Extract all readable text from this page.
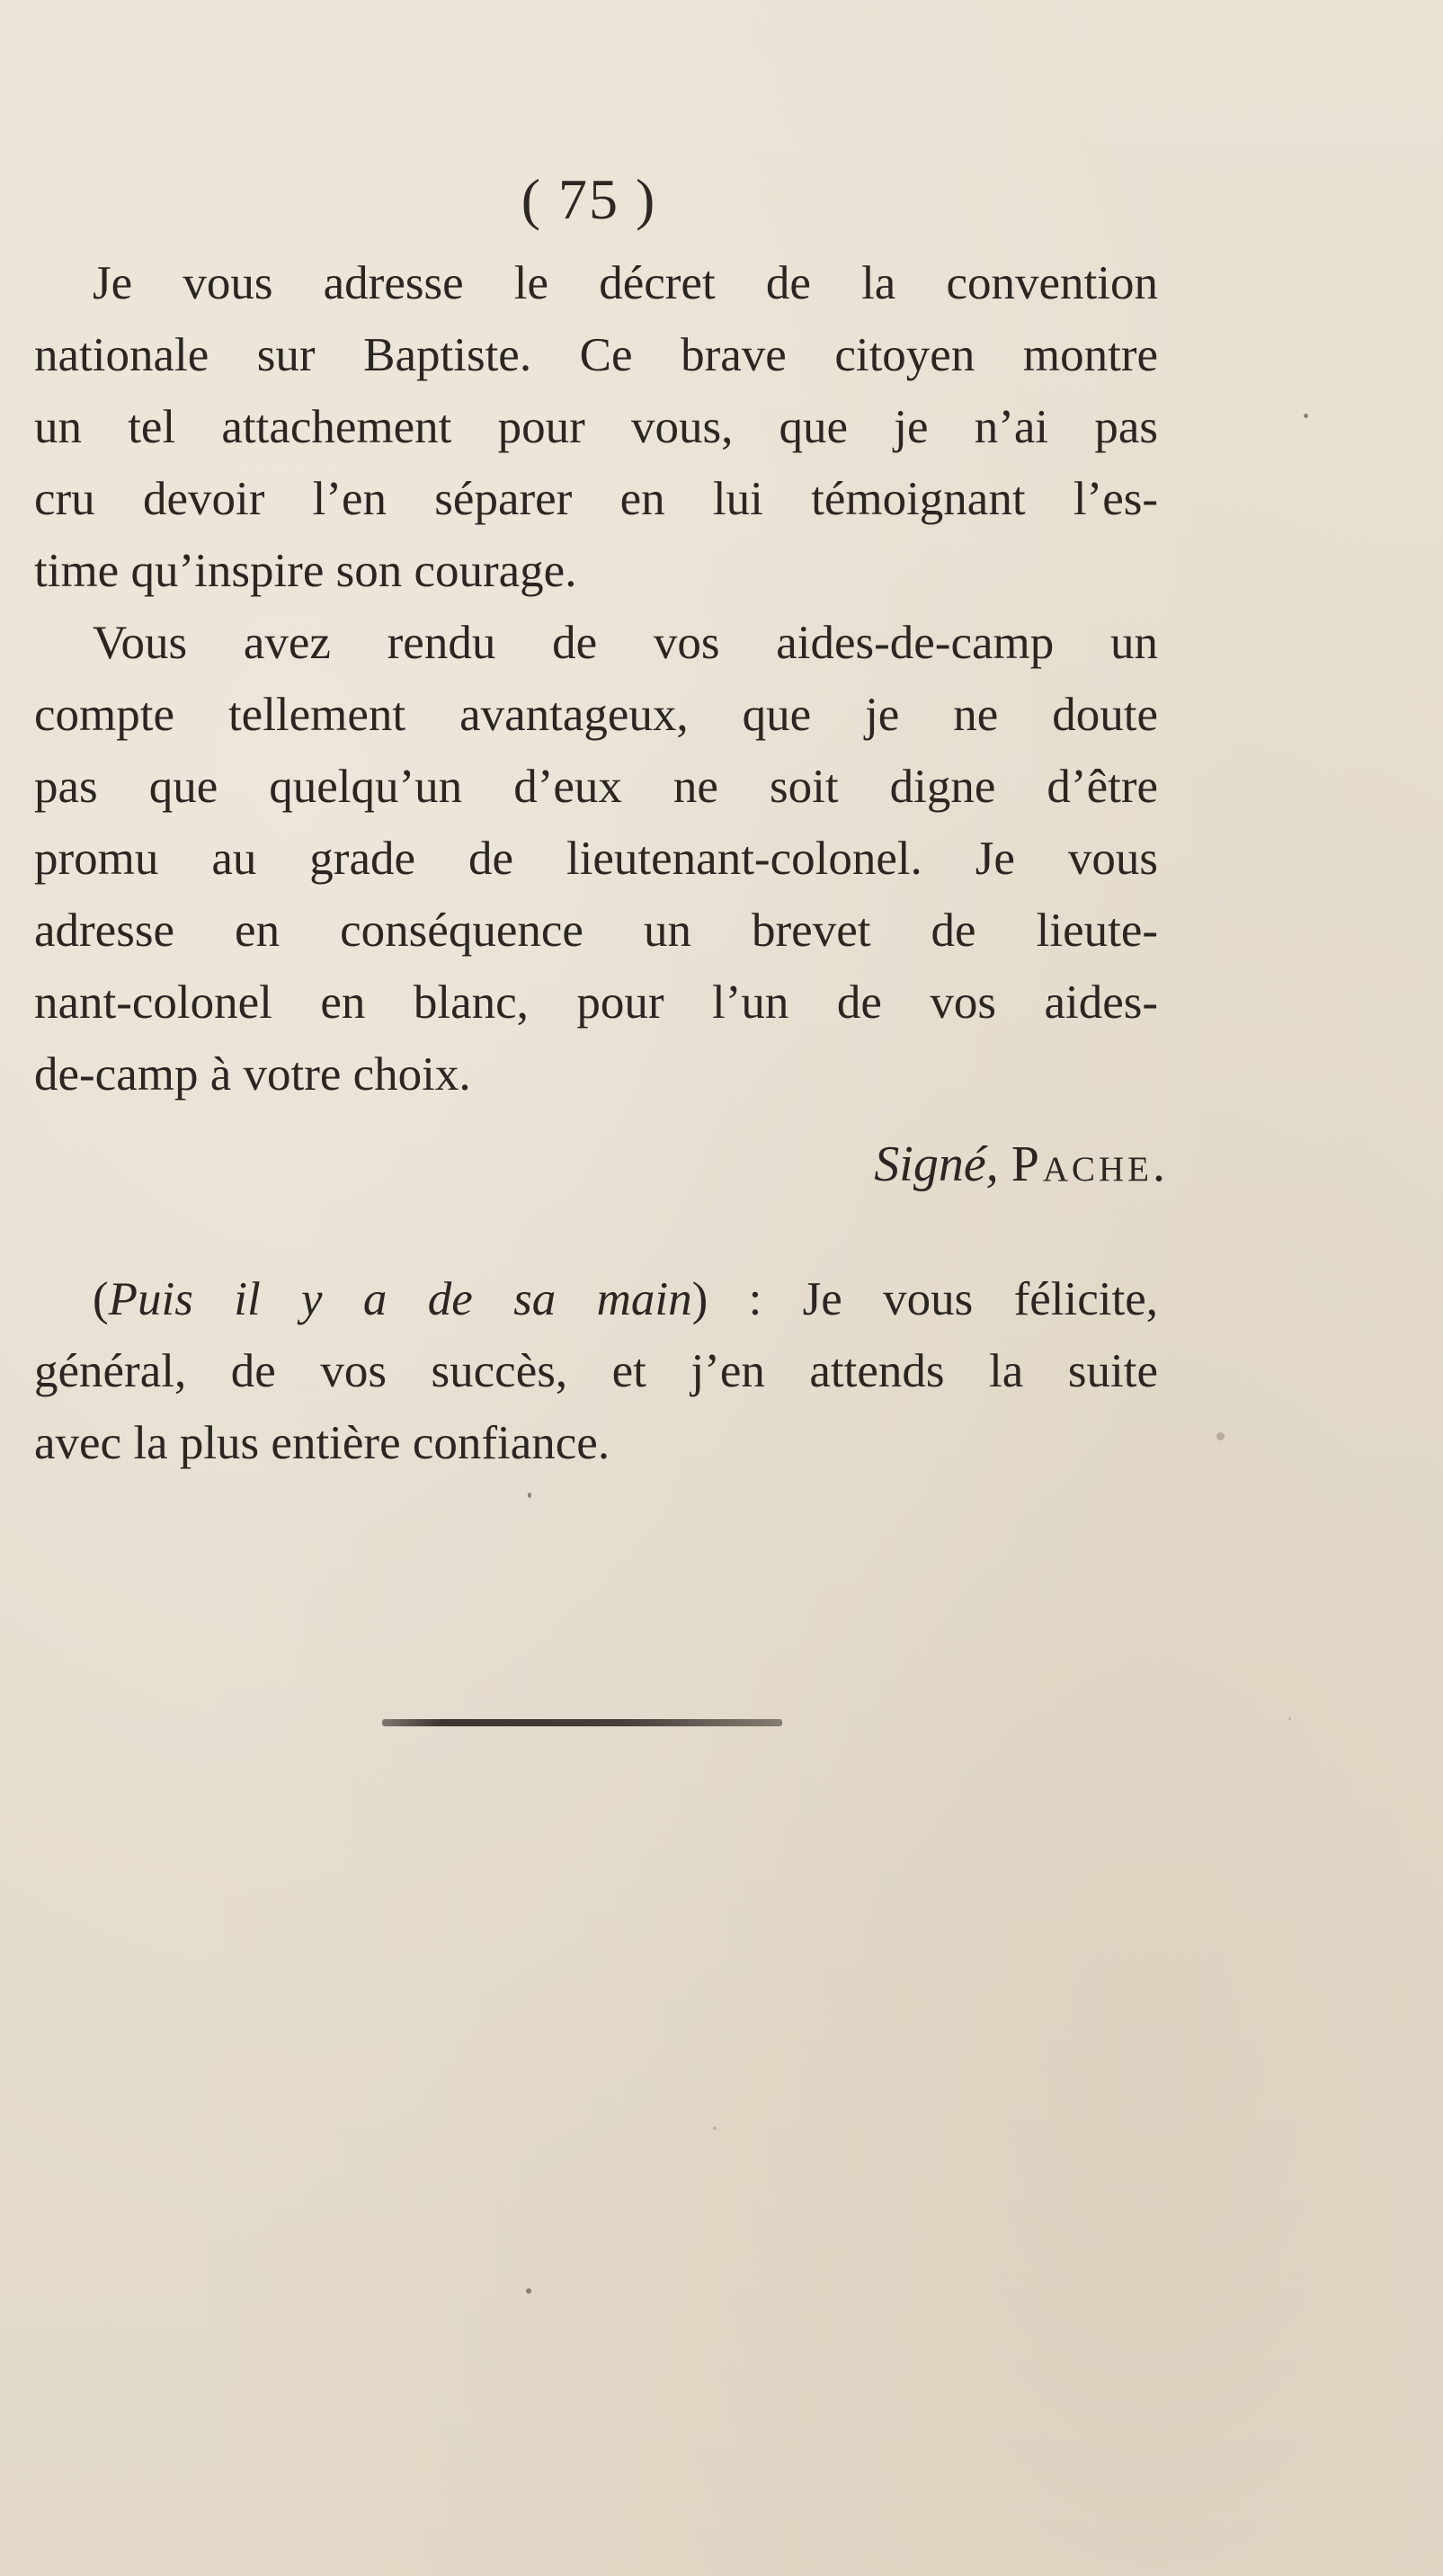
( 75 )
Je vous adresse le décret de la convention
nationale sur Baptiste. Ce brave citoyen montre
un tel attachement pour vous, que je n’ai pas
cru devoir l’en séparer en lui témoignant l’es-
time qu’inspire son courage.
Vous avez rendu de vos aides-de-camp un
compte tellement avantageux, que je ne doute
pas que quelqu’un d’eux ne soit digne d’être
promu au grade de lieutenant-colonel. Je vous
adresse en conséquence un brevet de lieute-
nant-colonel en blanc, pour l’un de vos aides-
de-camp à votre choix.
Signé, Pache.
(Puis il y a de sa main) : Je vous félicite,
général, de vos succès, et j’en attends la suite
avec la plus entière confiance.
